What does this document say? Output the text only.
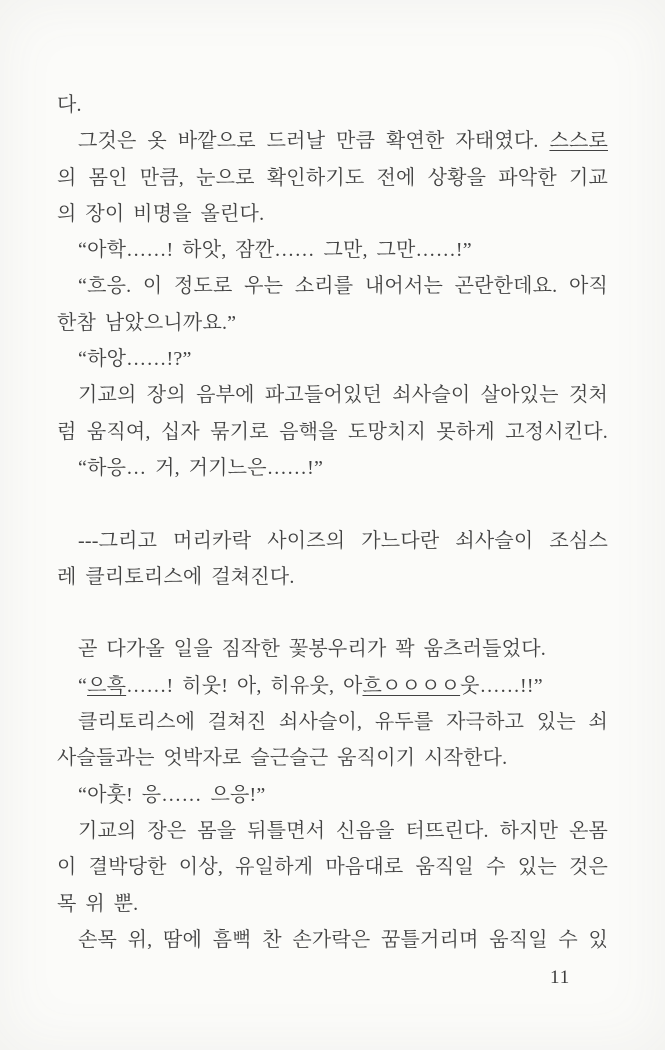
다.
그것은 옷 바깥으로 드러날 만큼 확연한 자태였다. 스스로
의 몸인 만큼, 눈으로 확인하기도 전에 상황을 파악한 기교
의 장이 비명을 올린다.
“아학……! 하앗, 잠깐…… 그만, 그만……!”
“흐응. 이 정도로 우는 소리를 내어서는 곤란한데요. 아직
한참 남았으니까요.”
“하앙……!?”
기교의 장의 음부에 파고들어있던 쇠사슬이 살아있는 것처
럼 움직여, 십자 묶기로 음핵을 도망치지 못하게 고정시킨다.
“하응… 거, 거기느은……!”
---그리고 머리카락 사이즈의 가느다란 쇠사슬이 조심스
레 클리토리스에 걸쳐진다.
곧 다가올 일을 짐작한 꽃봉우리가 꽉 움츠러들었다.
“으흑……! 히웃! 아, 히유웃, 아흐ㅇㅇㅇㅇ웃……!!”
클리토리스에 걸쳐진 쇠사슬이, 유두를 자극하고 있는 쇠
사슬들과는 엇박자로 슬근슬근 움직이기 시작한다.
“아훗! 응…… 으응!”
기교의 장은 몸을 뒤틀면서 신음을 터뜨린다. 하지만 온몸
이 결박당한 이상, 유일하게 마음대로 움직일 수 있는 것은
목 위 뿐.
손목 위, 땀에 흠뻑 찬 손가락은 꿈틀거리며 움직일 수 있
11
